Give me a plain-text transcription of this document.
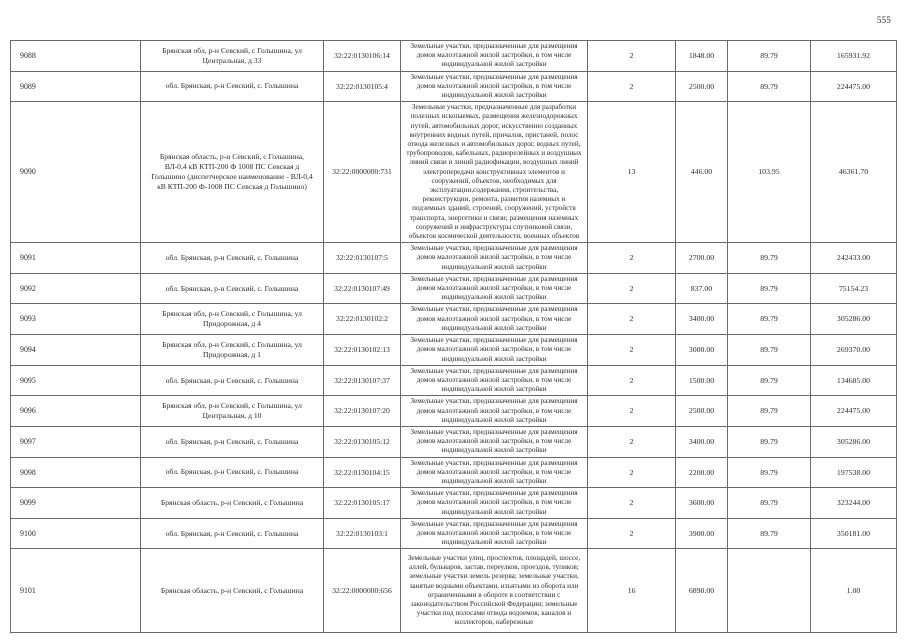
555
9088	Брянская обл, р-н Севский, с Голышина, ул Центральная, д 33	32:22:0130106:14	Земельные участки, предназначенные для размещения домов малоэтажной жилой застройки, в том числе индивидуальной жилой застройки	2	1848.00	89.79	165931.92
9089	обл. Брянская, р-н Севский, с. Голышина	32:22:0130105:4	Земельные участки, предназначенные для размещения домов малоэтажной жилой застройки, в том числе индивидуальной жилой застройки	2	2500.00	89.79	224475.00
9090	Брянская область, р-н Севский, с Голышина, ВЛ-0,4 кВ КТП-200 Ф 1008 ПС Севская д Голышино (диспетчерское наименование - ВЛ-0,4 кВ КТП-200 Ф-1008 ПС Севская д Голышино)	32:22:0000000:731	Земельные участки, предназначенные для разработки полезных ископаемых, размещения железнодорожных путей, автомобильных дорог, искусственно созданных внутренних водных путей, причалов, пристаней, полос отвода железных и автомобильных дорог, водных путей, трубопроводов, кабельных, радиорелейных и воздушных линий связи и линий радиофикации, воздушных линий электропередачи конструктивных элементов и сооружений, объектов, необходимых для эксплуатации,содержания, строительства, реконструкции, ремонта, развития наземных и подземных зданий, строений, сооружений, устройств транспорта, энергетики и связи; размещения наземных сооружений и инфраструктуры спутниковой связи, объектов космической деятельности, военных объектов	13	446.00	103.95	46361.70
9091	обл. Брянская, р-н Севский, с. Голышина	32:22:0130107:5	Земельные участки, предназначенные для размещения домов малоэтажной жилой застройки, в том числе индивидуальной жилой застройки	2	2700.00	89.79	242433.00
9092	обл. Брянская, р-н Севский, с. Голышина	32:22:0130107:49	Земельные участки, предназначенные для размещения домов малоэтажной жилой застройки, в том числе индивидуальной жилой застройки	2	837.00	89.79	75154.23
9093	Брянская обл, р-н Севский, с Голышина, ул Придорожная, д 4	32:22:0130102:2	Земельные участки, предназначенные для размещения домов малоэтажной жилой застройки, в том числе индивидуальной жилой застройки	2	3400.00	89.79	305286.00
9094	Брянская обл, р-н Севский, с Голышина, ул Придорожная, д 1	32:22:0130102:13	Земельные участки, предназначенные для размещения домов малоэтажной жилой застройки, в том числе индивидуальной жилой застройки	2	3000.00	89.79	269370.00
9095	обл. Брянская, р-н Севский, с. Голышина	32:22:0130107:37	Земельные участки, предназначенные для размещения домов малоэтажной жилой застройки, в том числе индивидуальной жилой застройки	2	1500.00	89.79	134685.00
9096	Брянская обл, р-н Севский, с Голышина, ул Центральная, д 10	32:22:0130107:20	Земельные участки, предназначенные для размещения домов малоэтажной жилой застройки, в том числе индивидуальной жилой застройки	2	2500.00	89.79	224475.00
9097	обл. Брянская, р-н Севский, с. Голышина	32:22:0130105:12	Земельные участки, предназначенные для размещения домов малоэтажной жилой застройки, в том числе индивидуальной жилой застройки	2	3400.00	89.79	305286.00
9098	обл. Брянская, р-н Севский, с. Голышина	32:22:0130104:15	Земельные участки, предназначенные для размещения домов малоэтажной жилой застройки, в том числе индивидуальной жилой застройки	2	2200.00	89.79	197538.00
9099	Брянская область, р-н Севский, с Голышина	32:22:0130105:17	Земельные участки, предназначенные для размещения домов малоэтажной жилой застройки, в том числе индивидуальной жилой застройки	2	3600.00	89.79	323244.00
9100	обл. Брянская, р-н Севский, с. Голышина	32:22:0130103:1	Земельные участки, предназначенные для размещения домов малоэтажной жилой застройки, в том числе индивидуальной жилой застройки	2	3900.00	89.79	350181.00
9101	Брянская область, р-н Севский, с Голышина	32:22:0000000:656	Земельные участки улиц, проспектов, площадей, шоссе, аллей, бульваров, застав, переулков, проездов, тупиков; земельные участки земель резерва; земельные участки, занятые водными объектами, изъятыми из оборота или ограниченными в обороте в соответствии с законодательством Российской Федерации; земельные участки под полосами отвода водоемов, каналов и коллекторов, набережные	16	6890.00		1.00
